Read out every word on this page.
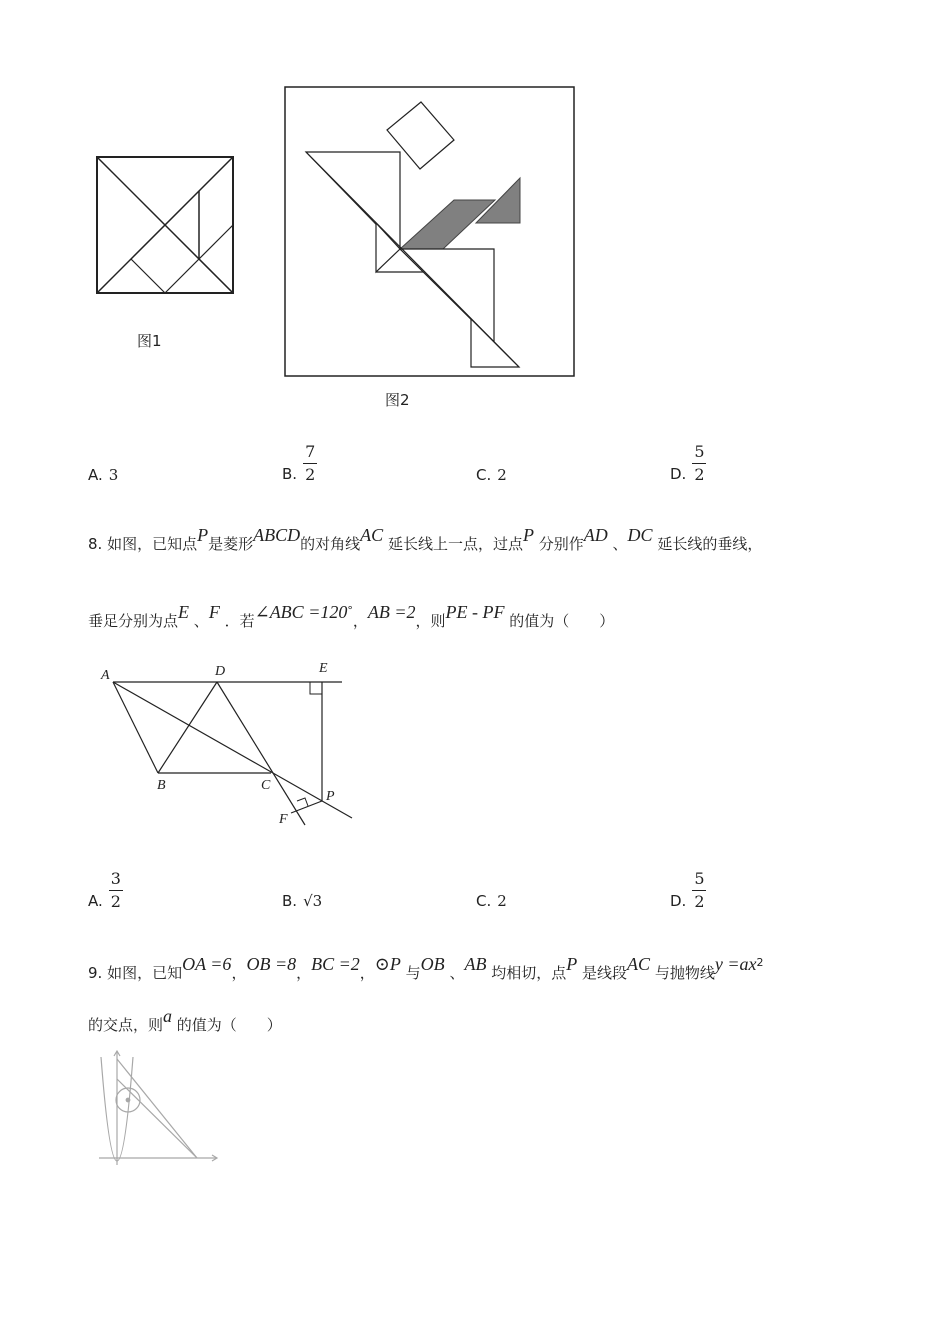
图1
图2
A. 3	B. $\frac{7}{2}$	C. 2	D. $\frac{5}{2}$
8. 如图，已知点P是菱形ABCD的对角线AC 延长线上一点，过点P 分别作AD 、DC 延长线的垂线，
垂足分别为点E 、F ．若∠ABC =120°，AB =2，则PE - PF 的值为（　　）
A	D	E
B	C
P
F
A. $\frac{3}{2}$	B. √3	C. 2	D. $\frac{5}{2}$
9. 如图，已知OA =6，OB =8，BC =2，⊙P 与OB 、AB 均相切，点P 是线段AC 与抛物线$y =ax^2$
的交点，则a 的值为（　　）
